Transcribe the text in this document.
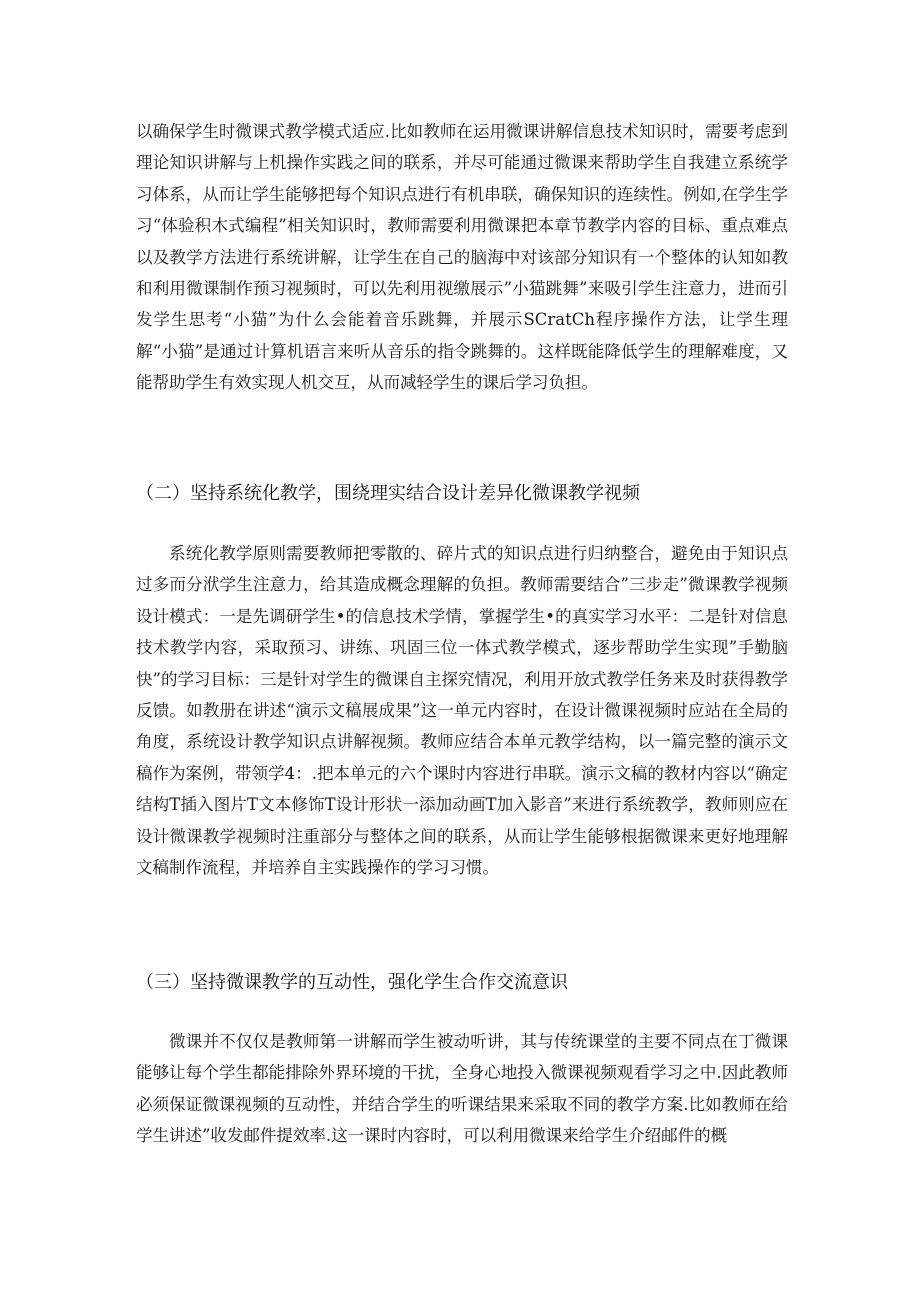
以确保学生时微课式教学模式适应.比如教师在运用微课讲解信息技术知识时，需要考虑到理论知识讲解与上机操作实践之间的联系，并尽可能通过微课来帮助学生自我建立系统学习体系，从而让学生能够把每个知识点进行有机串联，确保知识的连续性。例如,在学生学习“体验积木式编程”相关知识时，教师需要利用微课把本章节教学内容的目标、重点难点以及教学方法进行系统讲解，让学生在自己的脑海中对该部分知识有一个整体的认知如教和利用微课制作预习视频时，可以先利用视缴展示”小猫跳舞”来吸引学生注意力，进而引发学生思考“小猫”为什么会能着音乐跳舞，并展示SCratCh程序操作方法，让学生理解“小猫”是通过计算机语言来听从音乐的指令跳舞的。这样既能降低学生的理解难度，又能帮助学生有效实现人机交互，从而减轻学生的课后学习负担。

（二）坚持系统化教学，围绕理实结合设计差异化微课教学视频

系统化教学原则需要教师把零散的、碎片式的知识点进行归纳整合，避免由于知识点过多而分洑学生注意力，给其造成概念理解的负担。教师需要结合”三步走”微课教学视频设计模式：一是先调研学生•的信息技术学情，掌握学生•的真实学习水平：二是针对信息技术教学内容，采取预习、讲练、巩固三位一体式教学模式，逐步帮助学生实现”手勤脑快”的学习目标：三是针对学生的微课自主探究情况，利用开放式教学任务来及时获得教学反馈。如教册在讲述“演示文稿展成果”这一单元内容时，在设计微课视频时应站在全局的角度，系统设计教学知识点讲解视频。教师应结合本单元教学结构，以一篇完整的演示文稿作为案例，带领学4：.把本单元的六个课时内容进行串联。演示文稿的教材内容以“确定结构T插入图片T文本修饰T设计形状一添加动画T加入影音”来进行系统教学，教师则应在设计微课教学视频时注重部分与整体之间的联系，从而让学生能够根据微课来更好地理解文稿制作流程，并培养自主实践操作的学习习惯。

（三）坚持微课教学的互动性，强化学生合作交流意识

微课并不仅仅是教师第一讲解而学生被动听讲，其与传统课堂的主要不同点在丁微课能够让每个学生都能排除外界环境的干扰，全身心地投入微课视频观看学习之中.因此教师必须保证微课视频的互动性，并结合学生的听课结果来采取不同的教学方案.比如教师在给学生讲述”收发邮件提效率.这一课时内容时，可以利用微课来给学生介绍邮件的概
